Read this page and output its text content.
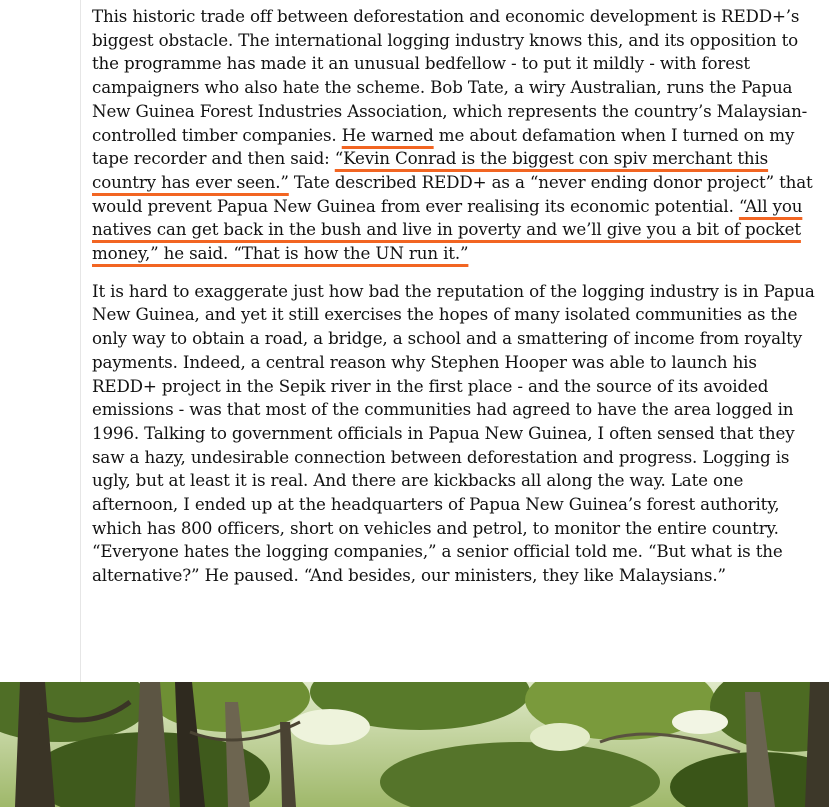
This historic trade off between deforestation and economic development is REDD+’s biggest obstacle. The international logging industry knows this, and its opposition to the programme has made it an unusual bedfellow - to put it mildly - with forest campaigners who also hate the scheme. Bob Tate, a wiry Australian, runs the Papua New Guinea Forest Industries Association, which represents the country’s Malaysian-controlled timber companies. He warned me about defamation when I turned on my tape recorder and then said: “Kevin Conrad is the biggest con spiv merchant this country has ever seen.” Tate described REDD+ as a “never ending donor project” that would prevent Papua New Guinea from ever realising its economic potential. “All you natives can get back in the bush and live in poverty and we’ll give you a bit of pocket money,” he said. “That is how the UN run it.”

It is hard to exaggerate just how bad the reputation of the logging industry is in Papua New Guinea, and yet it still exercises the hopes of many isolated communities as the only way to obtain a road, a bridge, a school and a smattering of income from royalty payments. Indeed, a central reason why Stephen Hooper was able to launch his REDD+ project in the Sepik river in the first place - and the source of its avoided emissions - was that most of the communities had agreed to have the area logged in 1996. Talking to government officials in Papua New Guinea, I often sensed that they saw a hazy, undesirable connection between deforestation and progress. Logging is ugly, but at least it is real. And there are kickbacks all along the way. Late one afternoon, I ended up at the headquarters of Papua New Guinea’s forest authority, which has 800 officers, short on vehicles and petrol, to monitor the entire country. “Everyone hates the logging companies,” a senior official told me. “But what is the alternative?” He paused. “And besides, our ministers, they like Malaysians.”
